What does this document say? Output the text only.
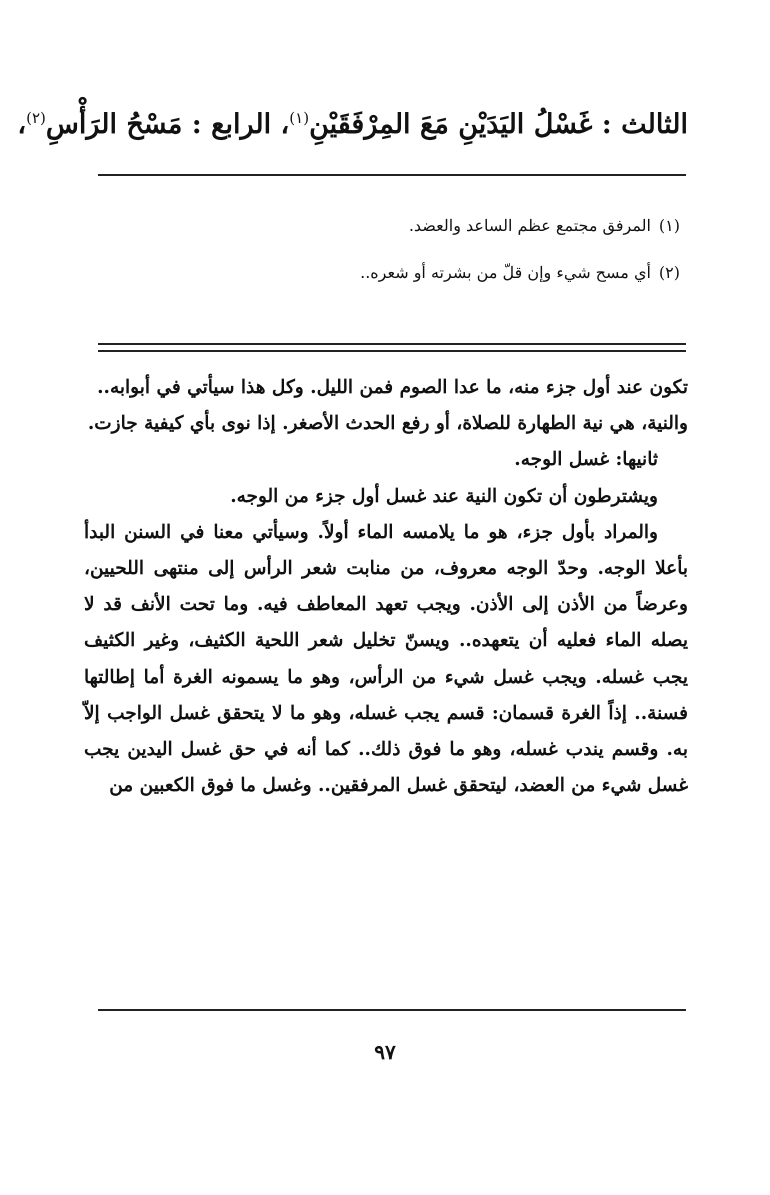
الثالث : غَسْلُ اليَدَيْنِ مَعَ المِرْفَقَيْنِ$^{(١)}$، الرابع : مَسْحُ الرَأْسِ$^{(٢)}$،
(١)المرفق مجتمع عظم الساعد والعضد.
(٢)أي مسح شيء وإن قلّ من بشرته أو شعره..

تكون عند أول جزء منه، ما عدا الصوم فمن الليل. وكل هذا سيأتي في أبوابه..

والنية، هي نية الطهارة للصلاة، أو رفع الحدث الأصغر. إذا نوى بأي كيفية جازت.

ثانيها: غسل الوجه.

ويشترطون أن تكون النية عند غسل أول جزء من الوجه.

والمراد بأول جزء، هو ما يلامسه الماء أولاً. وسيأتي معنا في السنن البدأ بأعلا الوجه. وحدّ الوجه معروف، من منابت شعر الرأس إلى منتهى اللحيين، وعرضاً من الأذن إلى الأذن. ويجب تعهد المعاطف فيه. وما تحت الأنف قد لا يصله الماء فعليه أن يتعهده.. ويسنّ تخليل شعر اللحية الكثيف، وغير الكثيف يجب غسله. ويجب غسل شيء من الرأس، وهو ما يسمونه الغرة أما إطالتها فسنة.. إذاً الغرة قسمان: قسم يجب غسله، وهو ما لا يتحقق غسل الواجب إلاّ به. وقسم يندب غسله، وهو ما فوق ذلك.. كما أنه في حق غسل اليدين يجب غسل شيء من العضد، ليتحقق غسل المرفقين.. وغسل ما فوق الكعبين من

٩٧
